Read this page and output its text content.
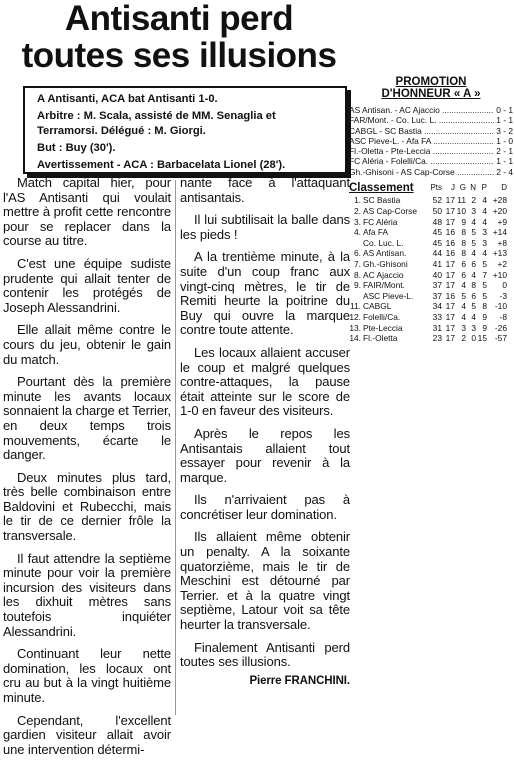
Antisanti perd
toutes ses illusions

A Antisanti, ACA bat Antisanti 1-0.

Arbitre : M. Scala, assisté de MM. Senaglia et Terramorsi. Délégué : M. Giorgi.

But : Buy (30').

Avertissement - ACA : Barbacelata Lionel (28').

Match capital hier, pour l'AS Antisanti qui voulait mettre à profit cette rencontre pour se replacer dans la course au titre.

C'est une équipe sudiste prudente qui allait tenter de contenir les protégés de Joseph Alessandrini.

Elle allait même contre le cours du jeu, obtenir le gain du match.

Pourtant dès la première minute les avants locaux sonnaient la charge et Terrier, en deux temps trois mouvements, écarte le danger.

Deux minutes plus tard, très belle combinaison entre Baldovini et Rubecchi, mais le tir de ce dernier frôle la transversale.

Il faut attendre la septième minute pour voir la première incursion des visiteurs dans les dixhuit mètres sans toutefois inquiéter Alessandrini.

Continuant leur nette domination, les locaux ont cru au but à la vingt huitième minute.

Cependant, l'excellent gardien visiteur allait avoir une intervention détermi-

nante face à l'attaquant antisantais.

Il lui subtilisait la balle dans les pieds !

A la trentième minute, à la suite d'un coup franc aux vingt-cinq mètres, le tir de Remiti heurte la poitrine du Buy qui ouvre la marque contre toute attente.

Les locaux allaient accuser le coup et malgré quelques contre-attaques, la pause était atteinte sur le score de 1-0 en faveur des visiteurs.

Après le repos les Antisantais allaient tout essayer pour revenir à la marque.

Ils n'arrivaient pas à concrétiser leur domination.

Ils allaient même obtenir un penalty. A la soixante quatorzième, mais le tir de Meschini est détourné par Terrier. et à la quatre vingt septième, Latour voit sa tête heurter la transversale.

Finalement Antisanti perd toutes ses illusions.

Pierre FRANCHINI.
PROMOTION
D'HONNEUR « A »
AS Antisan. - AC Ajaccio .....	0 - 1
FAR/Mont. - Co. Luc. L. .....	1 - 1
CABGL - SC Bastia .....	3 - 2
ASC Pieve-L. - Afa FA .....	1 - 0
Fl.-Oletta - Pte-Leccia .....	2 - 1
FC Aléria - Folelli/Ca. .....	1 - 1
Gh.-Ghisoni - AS Cap-Corse .....	2 - 4
Classement	Pts	J G N P	D
1. SC Bastia	52 17 11 2 4 +28
2. AS Cap-Corse	50 17 10 3 4 +20
3. FC Aléria	48 17 9 4 4	+9
4. Afa FA	45 16 8 5 3 +14
Co. Luc. L.	45 16 8 5 3	+8
6. AS Antisan.	44 16 8 4 4 +13
7. Gh.-Ghisoni	41 17 6 6 5	+2
8. AC Ajaccio	40 17 6 4 7 +10
9. FAIR/Mont.	37 17 4 8 5	0
ASC Pieve-L.	37 16 5 6 5	-3
11. CABGL	34 17 4 5 8 -10
12. Folelli/Ca.	33 17 4 4 9	-8
13. Pte-Leccia	31 17 3 3 9 -26
14. Fl.-Oletta	23 17 2 0 15 -57
